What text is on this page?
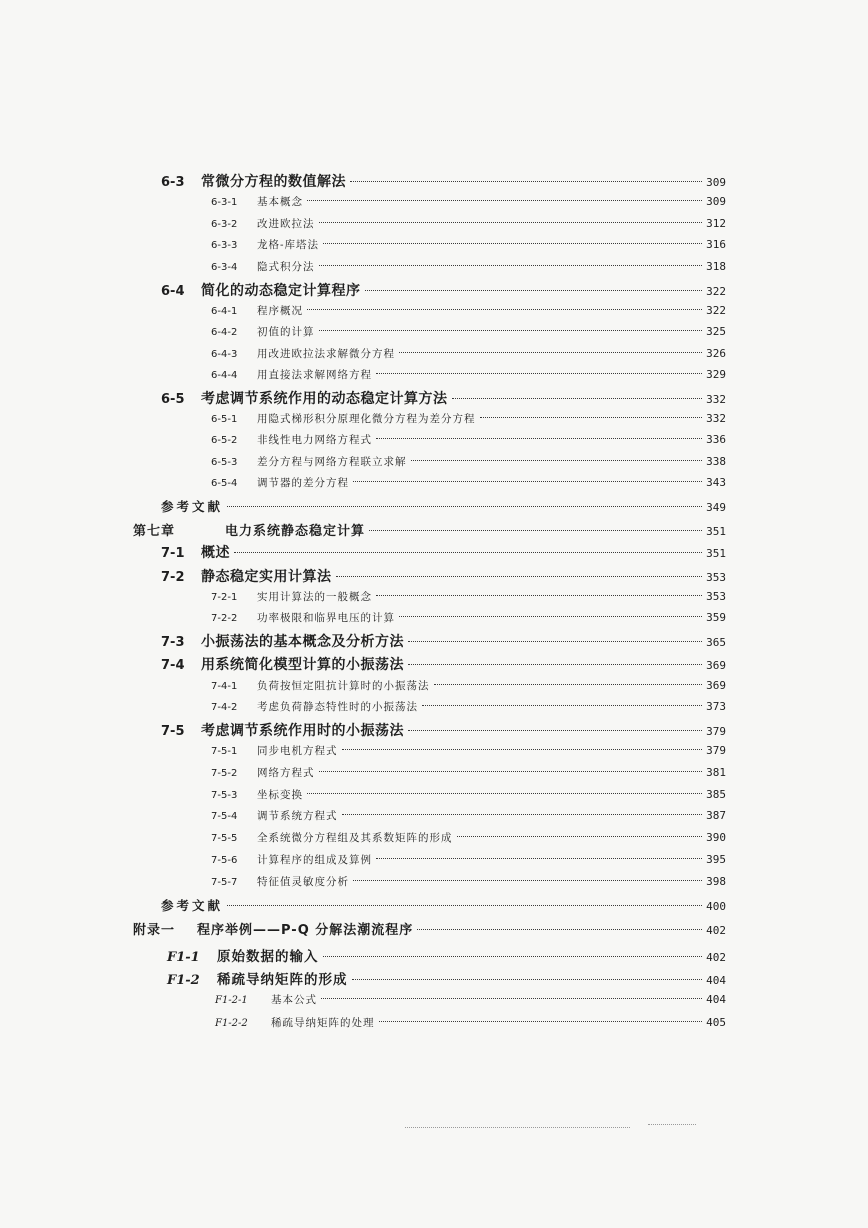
6-3	常微分方程的数值解法	309
6-3-1	基本概念	309
6-3-2	改进欧拉法	312
6-3-3	龙格-库塔法	316
6-3-4	隐式积分法	318
6-4	简化的动态稳定计算程序	322
6-4-1	程序概况	322
6-4-2	初值的计算	325
6-4-3	用改进欧拉法求解微分方程	326
6-4-4	用直接法求解网络方程	329
6-5	考虑调节系统作用的动态稳定计算方法	332
6-5-1	用隐式梯形积分原理化微分方程为差分方程	332
6-5-2	非线性电力网络方程式	336
6-5-3	差分方程与网络方程联立求解	338
6-5-4	调节器的差分方程	343
参考文献	349
第七章	电力系统静态稳定计算	351
7-1	概述	351
7-2	静态稳定实用计算法	353
7-2-1	实用计算法的一般概念	353
7-2-2	功率极限和临界电压的计算	359
7-3	小振荡法的基本概念及分析方法	365
7-4	用系统简化模型计算的小振荡法	369
7-4-1	负荷按恒定阻抗计算时的小振荡法	369
7-4-2	考虑负荷静态特性时的小振荡法	373
7-5	考虑调节系统作用时的小振荡法	379
7-5-1	同步电机方程式	379
7-5-2	网络方程式	381
7-5-3	坐标变换	385
7-5-4	调节系统方程式	387
7-5-5	全系统微分方程组及其系数矩阵的形成	390
7-5-6	计算程序的组成及算例	395
7-5-7	特征值灵敏度分析	398
参考文献	400
附录一	程序举例——P-Q 分解法潮流程序	402
F1-1	原始数据的输入	402
F1-2	稀疏导纳矩阵的形成	404
F1-2-1	基本公式	404
F1-2-2	稀疏导纳矩阵的处理	405
